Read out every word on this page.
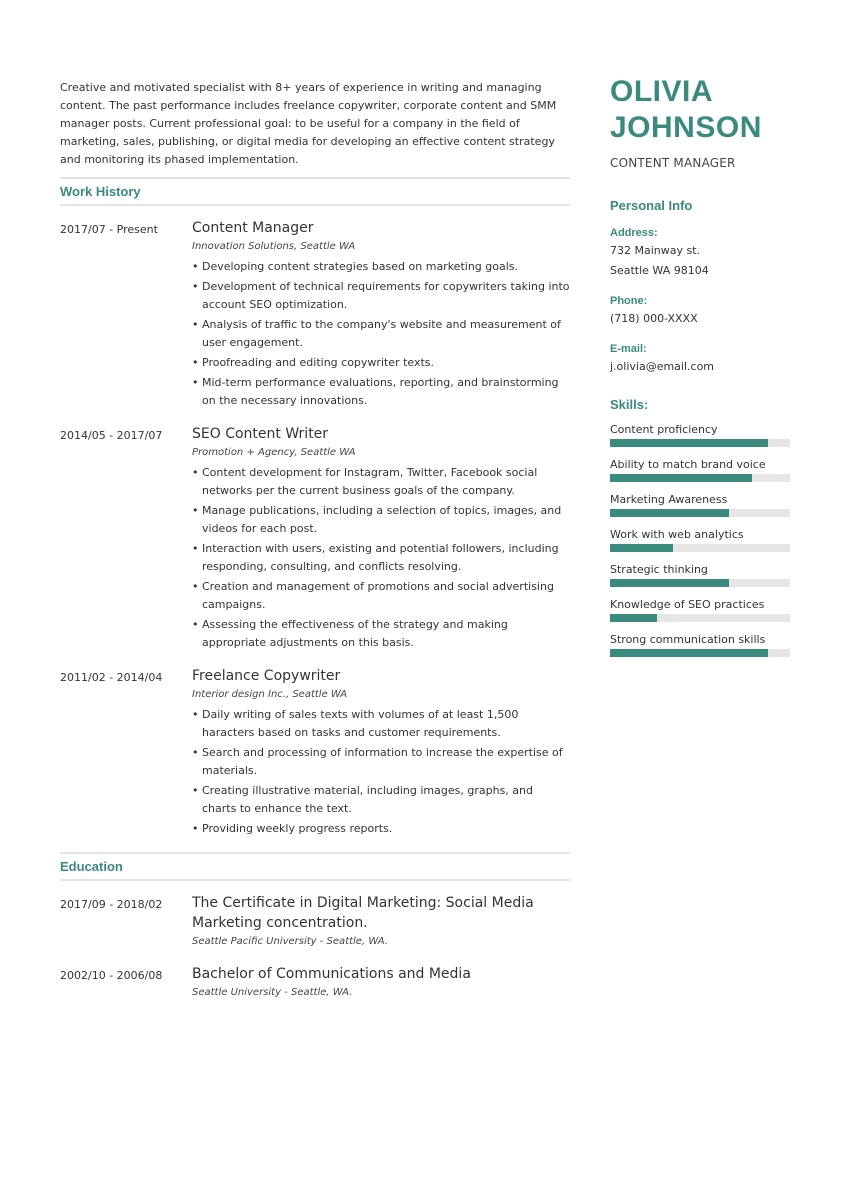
Creative and motivated specialist with 8+ years of experience in writing and managing content. The past performance includes freelance copywriter, corporate content and SMM manager posts. Current professional goal: to be useful for a company in the field of marketing, sales, publishing, or digital media for developing an effective content strategy and monitoring its phased implementation.

Work History
2017/07 - Present	Content Manager
Innovation Solutions, Seattle WA
• Developing content strategies based on marketing goals.
• Development of technical requirements for copywriters taking into account SEO optimization.
• Analysis of traffic to the company's website and measurement of user engagement.
• Proofreading and editing copywriter texts.
• Mid-term performance evaluations, reporting, and brainstorming on the necessary innovations.
2014/05 - 2017/07	SEO Content Writer
Promotion + Agency, Seattle WA
• Content development for Instagram, Twitter, Facebook social networks per the current business goals of the company.
• Manage publications, including a selection of topics, images, and videos for each post.
• Interaction with users, existing and potential followers, including responding, consulting, and conflicts resolving.
• Creation and management of promotions and social advertising campaigns.
• Assessing the effectiveness of the strategy and making appropriate adjustments on this basis.
2011/02 - 2014/04	Freelance Copywriter
Interior design Inc., Seattle WA
• Daily writing of sales texts with volumes of at least 1,500 haracters based on tasks and customer requirements.
• Search and processing of information to increase the expertise of materials.
• Creating illustrative material, including images, graphs, and charts to enhance the text.
• Providing weekly progress reports.
Education
2017/09 - 2018/02	The Certificate in Digital Marketing: Social Media Marketing concentration.
Seattle Pacific University - Seattle, WA.
2002/10 - 2006/08	Bachelor of Communications and Media
Seattle University - Seattle, WA.
OLIVIA
JOHNSON
CONTENT MANAGER
Personal Info
Address:
732 Mainway st.
Seattle WA 98104
Phone:
(718) 000-XXXX
E-mail:
j.olivia@email.com
Skills:
Content proficiency
Ability to match brand voice
Marketing Awareness
Work with web analytics
Strategic thinking
Knowledge of SEO practices
Strong communication skills
